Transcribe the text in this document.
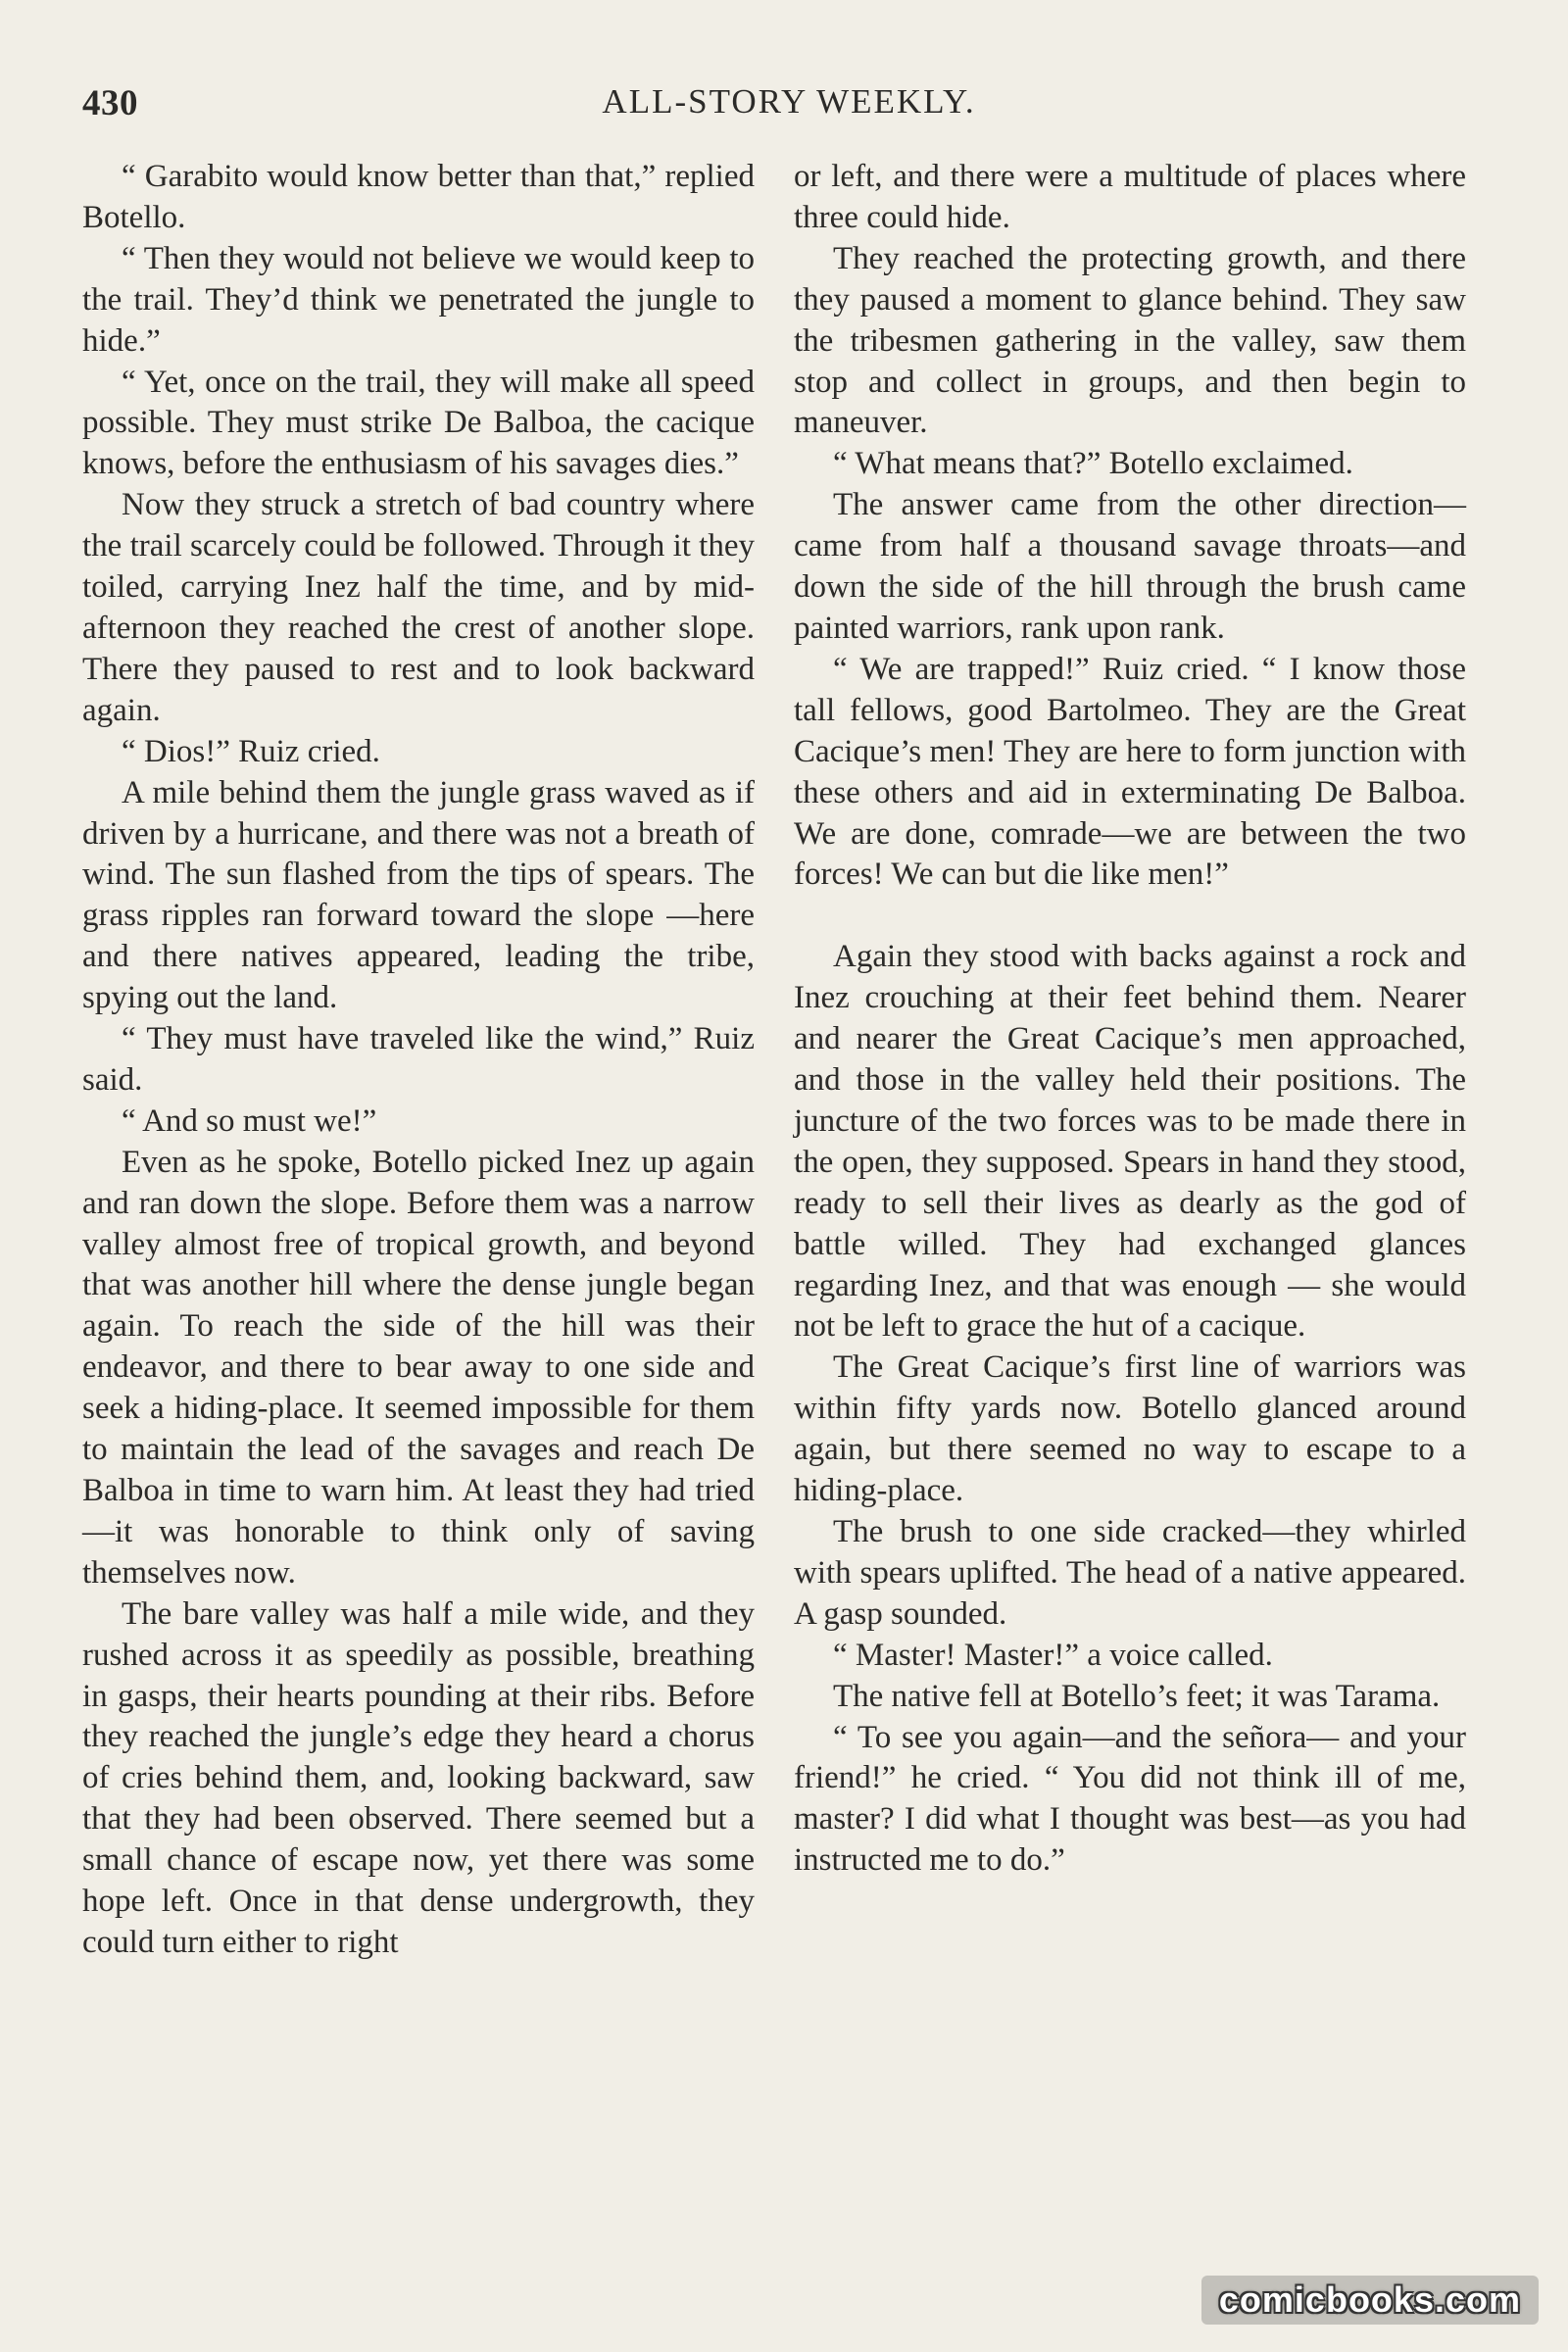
430	ALL-STORY WEEKLY.

“ Garabito would know better than that,” replied Botello.

“ Then they would not believe we would keep to the trail. They’d think we penetrated the jungle to hide.”

“ Yet, once on the trail, they will make all speed possible. They must strike De Balboa, the cacique knows, before the enthusiasm of his savages dies.”

Now they struck a stretch of bad country where the trail scarcely could be followed. Through it they toiled, carrying Inez half the time, and by mid-afternoon they reached the crest of another slope. There they paused to rest and to look backward again.

“ Dios!” Ruiz cried.

A mile behind them the jungle grass waved as if driven by a hurricane, and there was not a breath of wind. The sun flashed from the tips of spears. The grass ripples ran forward toward the slope —here and there natives appeared, leading the tribe, spying out the land.

“ They must have traveled like the wind,” Ruiz said.

“ And so must we!”

Even as he spoke, Botello picked Inez up again and ran down the slope. Before them was a narrow valley almost free of tropical growth, and beyond that was another hill where the dense jungle began again. To reach the side of the hill was their endeavor, and there to bear away to one side and seek a hiding-place. It seemed impossible for them to maintain the lead of the savages and reach De Balboa in time to warn him. At least they had tried—it was honorable to think only of saving themselves now.

The bare valley was half a mile wide, and they rushed across it as speedily as possible, breathing in gasps, their hearts pounding at their ribs. Before they reached the jungle’s edge they heard a chorus of cries behind them, and, looking backward, saw that they had been observed. There seemed but a small chance of escape now, yet there was some hope left. Once in that dense undergrowth, they could turn either to right

or left, and there were a multitude of places where three could hide.

They reached the protecting growth, and there they paused a moment to glance behind. They saw the tribesmen gathering in the valley, saw them stop and collect in groups, and then begin to maneuver.

“ What means that?” Botello exclaimed.

The answer came from the other direction—came from half a thousand savage throats—and down the side of the hill through the brush came painted warriors, rank upon rank.

“ We are trapped!” Ruiz cried. “ I know those tall fellows, good Bartolmeo. They are the Great Cacique’s men! They are here to form junction with these others and aid in exterminating De Balboa. We are done, comrade—we are between the two forces! We can but die like men!”

Again they stood with backs against a rock and Inez crouching at their feet behind them. Nearer and nearer the Great Cacique’s men approached, and those in the valley held their positions. The juncture of the two forces was to be made there in the open, they supposed. Spears in hand they stood, ready to sell their lives as dearly as the god of battle willed. They had exchanged glances regarding Inez, and that was enough — she would not be left to grace the hut of a cacique.

The Great Cacique’s first line of warriors was within fifty yards now. Botello glanced around again, but there seemed no way to escape to a hiding-place.

The brush to one side cracked—they whirled with spears uplifted. The head of a native appeared. A gasp sounded.

“ Master! Master!” a voice called.

The native fell at Botello’s feet; it was Tarama.

“ To see you again—and the señora— and your friend!” he cried. “ You did not think ill of me, master? I did what I thought was best—as you had instructed me to do.”

comicbooks.com
